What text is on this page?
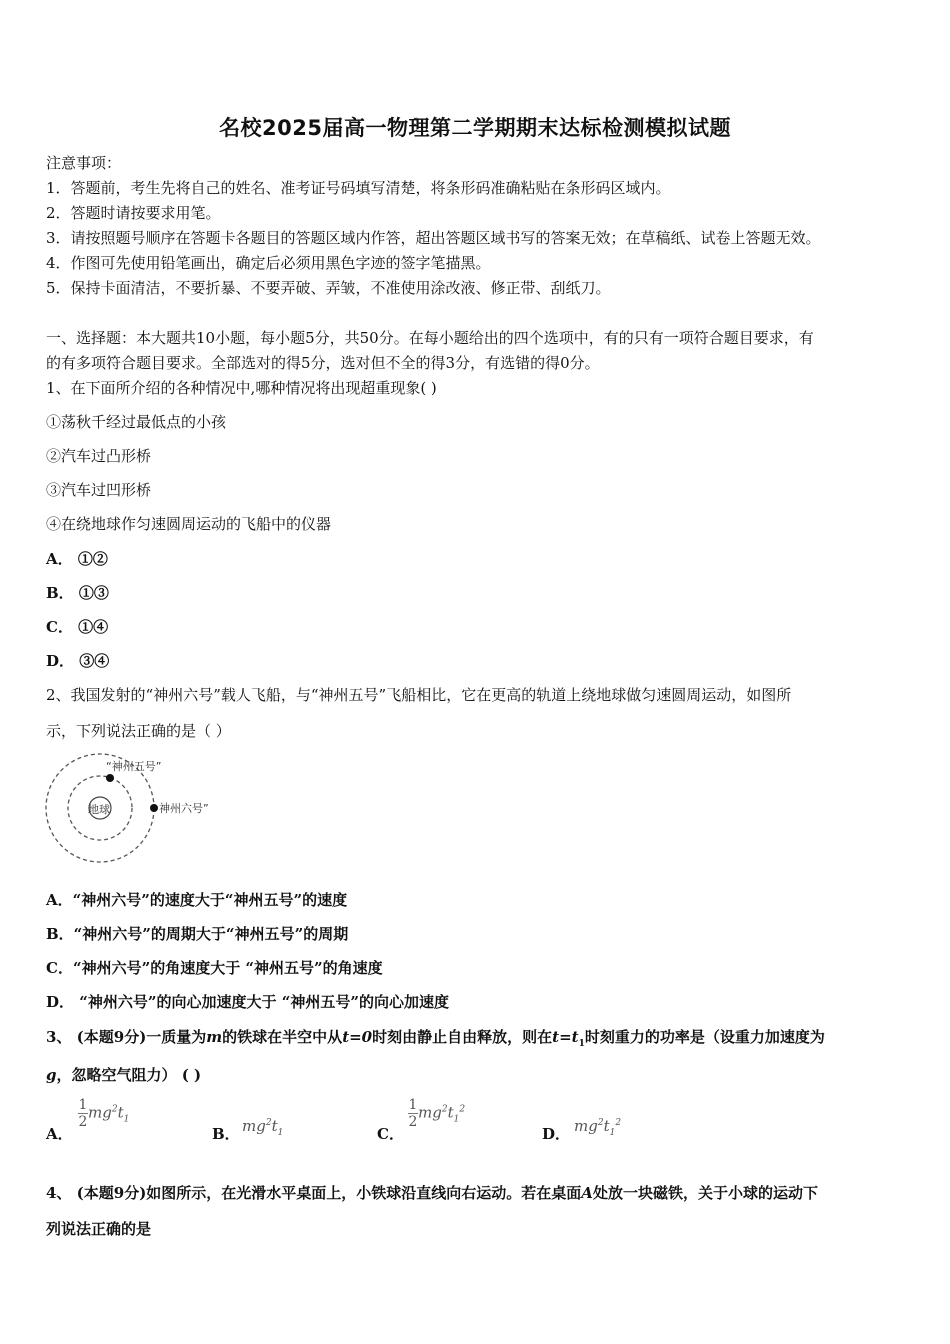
名校2025届高一物理第二学期期末达标检测模拟试题
注意事项：
1．答题前，考生先将自己的姓名、准考证号码填写清楚，将条形码准确粘贴在条形码区域内。
2．答题时请按要求用笔。
3．请按照题号顺序在答题卡各题目的答题区域内作答，超出答题区域书写的答案无效；在草稿纸、试卷上答题无效。
4．作图可先使用铅笔画出，确定后必须用黑色字迹的签字笔描黑。
5．保持卡面清洁，不要折暴、不要弄破、弄皱，不准使用涂改液、修正带、刮纸刀。
一、选择题：本大题共10小题，每小题5分，共50分。在每小题给出的四个选项中，有的只有一项符合题目要求，有
的有多项符合题目要求。全部选对的得5分，选对但不全的得3分，有选错的得0分。
1、在下面所介绍的各种情况中,哪种情况将出现超重现象( )
①荡秋千经过最低点的小孩
②汽车过凸形桥
③汽车过凹形桥
④在绕地球作匀速圆周运动的飞船中的仪器
A． ①②
B． ①③
C． ①④
D． ③④
2、我国发射的“神州六号”载人飞船，与“神州五号”飞船相比，它在更高的轨道上绕地球做匀速圆周运动，如图所
示，下列说法正确的是（ ）
地球
“神州五号”
神州六号”
A．“神州六号”的速度大于“神州五号”的速度
B．“神州六号”的周期大于“神州五号”的周期
C．“神州六号”的角速度大于 “神州五号”的角速度
D． “神州六号”的向心加速度大于 “神州五号”的向心加速度
3、 (本题9分)一质量为m的铁球在半空中从t=0时刻由静止自由释放，则在$t=t_1$时刻重力的功率是（设重力加速度为
g，忽略空气阻力） ( )
A．
$\frac{1}{2}mg^2t_1$
B． $mg^2t_1$	C．
$\frac{1}{2}mg^2t_1^2$
D． $mg^2t_1^2$
4、 (本题9分)如图所示，在光滑水平桌面上，小铁球沿直线向右运动。若在桌面A处放一块磁铁，关于小球的运动下
列说法正确的是
